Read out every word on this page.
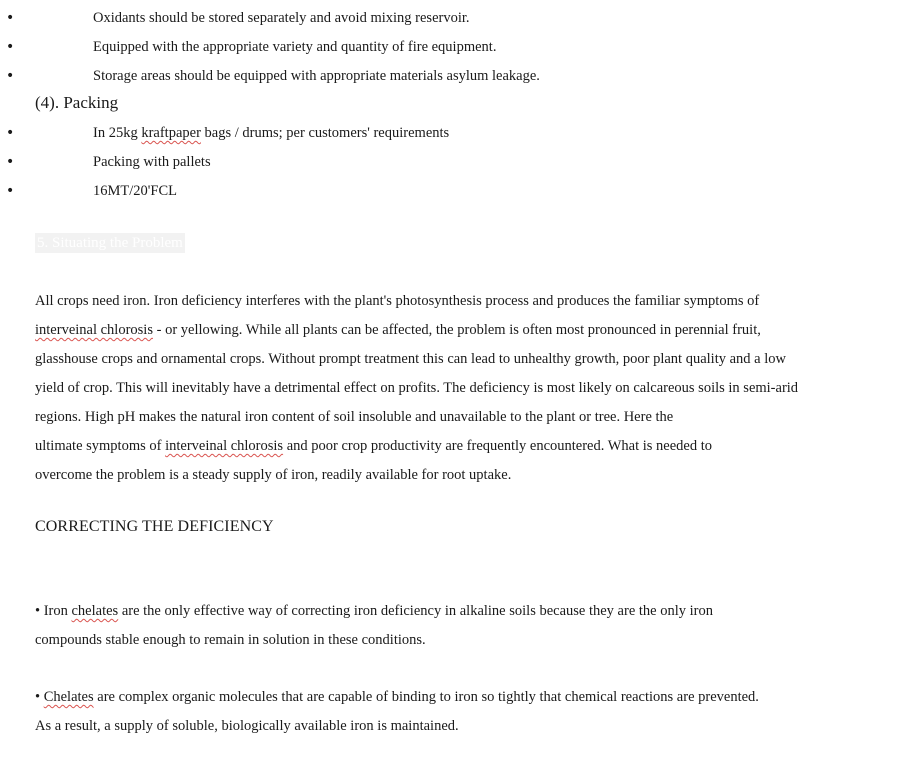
•	Oxidants should be stored separately and avoid mixing reservoir.
•	Equipped with the appropriate variety and quantity of fire equipment.
•	Storage areas should be equipped with appropriate materials asylum leakage.
(4). Packing
•	In 25kg kraftpaper bags / drums; per customers' requirements
•	Packing with pallets
•	16MT/20'FCL
5. Situating the Problem
All crops need iron. Iron deficiency interferes with the plant's photosynthesis process and produces the familiar symptoms of
interveinal chlorosis - or yellowing. While all plants can be affected, the problem is often most pronounced in perennial fruit,
glasshouse crops and ornamental crops. Without prompt treatment this can lead to unhealthy growth, poor plant quality and a low
yield of crop. This will inevitably have a detrimental effect on profits. The deficiency is most likely on calcareous soils in semi-arid
regions. High pH makes the natural iron content of soil insoluble and unavailable to the plant or tree. Here the
ultimate symptoms of interveinal chlorosis and poor crop productivity are frequently encountered. What is needed to
overcome the problem is a steady supply of iron, readily available for root uptake.
CORRECTING THE DEFICIENCY
• Iron chelates are the only effective way of correcting iron deficiency in alkaline soils because they are the only iron
compounds stable enough to remain in solution in these conditions.
• Chelates are complex organic molecules that are capable of binding to iron so tightly that chemical reactions are prevented.
As a result, a supply of soluble, biologically available iron is maintained.
